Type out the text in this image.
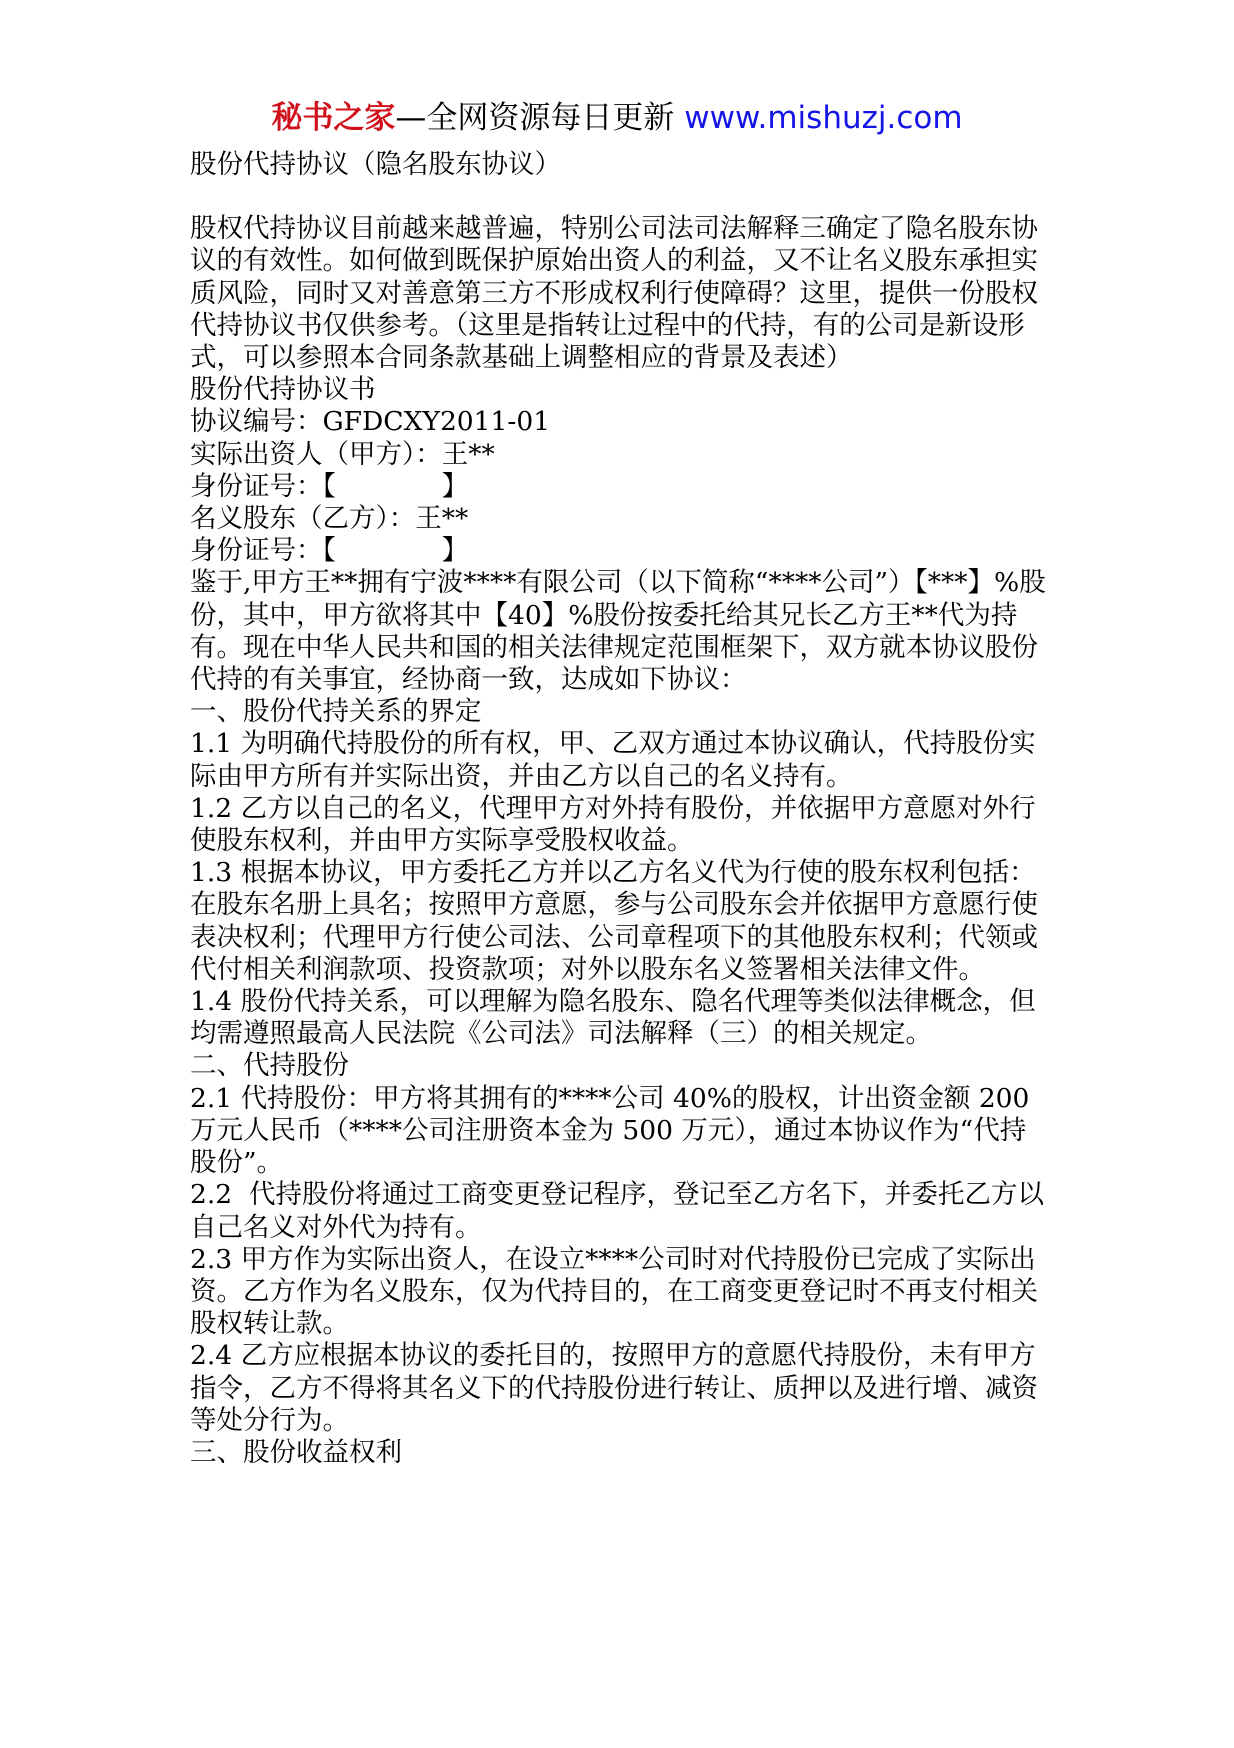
秘书之家—全网资源每日更新 www.mishuzj.com

股份代持协议（隐名股东协议）

股权代持协议目前越来越普遍，特别公司法司法解释三确定了隐名股东协议的有效性。如何做到既保护原始出资人的利益，又不让名义股东承担实质风险，同时又对善意第三方不形成权利行使障碍？这里，提供一份股权代持协议书仅供参考。（这里是指转让过程中的代持，有的公司是新设形式，可以参照本合同条款基础上调整相应的背景及表述）

股份代持协议书

协议编号：GFDCXY2011-01

实际出资人（甲方）：王**

身份证号：【　　　　】

名义股东（乙方）：王**

身份证号：【　　　　】

鉴于,甲方王**拥有宁波****有限公司（以下简称“****公司”）【***】%股份，其中，甲方欲将其中【40】%股份按委托给其兄长乙方王**代为持有。现在中华人民共和国的相关法律规定范围框架下，双方就本协议股份代持的有关事宜，经协商一致，达成如下协议：

一、股份代持关系的界定

1.1 为明确代持股份的所有权，甲、乙双方通过本协议确认，代持股份实际由甲方所有并实际出资，并由乙方以自己的名义持有。

1.2 乙方以自己的名义，代理甲方对外持有股份，并依据甲方意愿对外行使股东权利，并由甲方实际享受股权收益。

1.3 根据本协议，甲方委托乙方并以乙方名义代为行使的股东权利包括：在股东名册上具名；按照甲方意愿，参与公司股东会并依据甲方意愿行使表决权利；代理甲方行使公司法、公司章程项下的其他股东权利；代领或代付相关利润款项、投资款项；对外以股东名义签署相关法律文件。

1.4 股份代持关系，可以理解为隐名股东、隐名代理等类似法律概念，但均需遵照最高人民法院《公司法》司法解释（三）的相关规定。

二、代持股份

2.1 代持股份：甲方将其拥有的****公司 40%的股权，计出资金额 200 万元人民币（****公司注册资本金为 500 万元），通过本协议作为“代持股份”。

2.2  代持股份将通过工商变更登记程序，登记至乙方名下，并委托乙方以自己名义对外代为持有。

2.3 甲方作为实际出资人，在设立****公司时对代持股份已完成了实际出资。乙方作为名义股东，仅为代持目的，在工商变更登记时不再支付相关股权转让款。

2.4 乙方应根据本协议的委托目的，按照甲方的意愿代持股份，未有甲方指令，乙方不得将其名义下的代持股份进行转让、质押以及进行增、减资等处分行为。

三、股份收益权利
